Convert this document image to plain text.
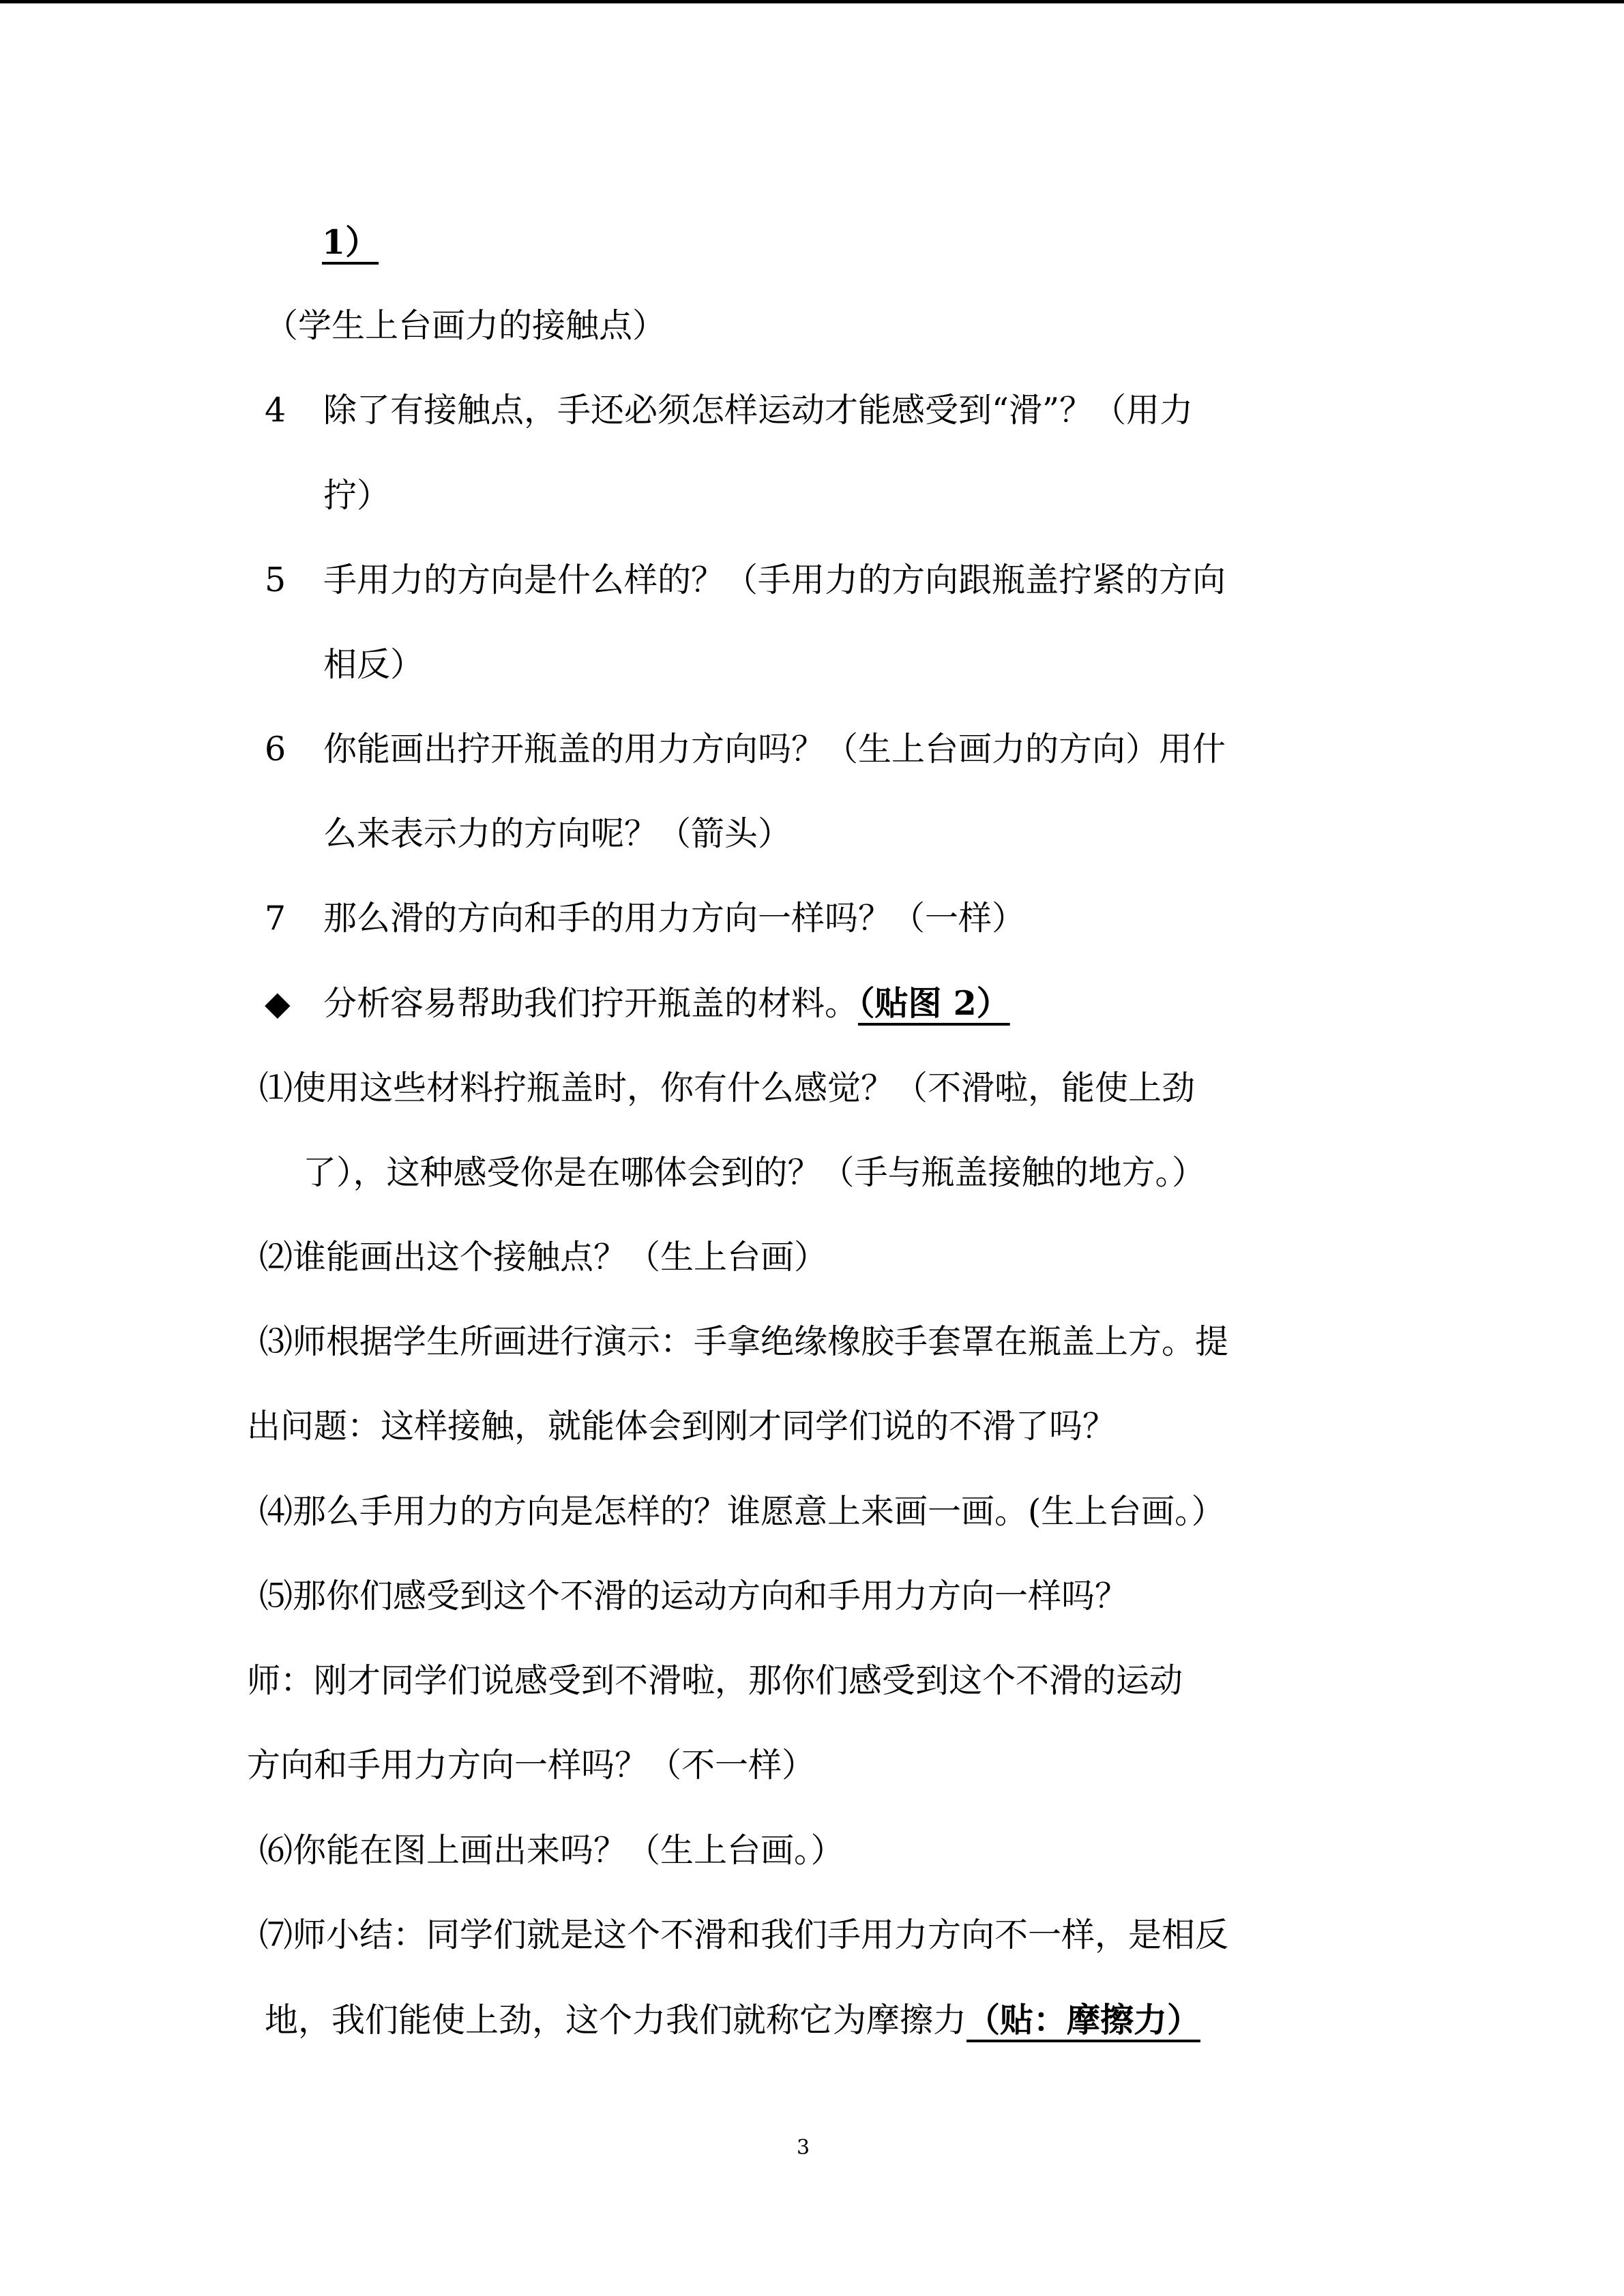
1）
（学生上台画力的接触点）
4 除了有接触点，手还必须怎样运动才能感受到“滑”？（用力
拧）
5 手用力的方向是什么样的？（手用力的方向跟瓶盖拧紧的方向
相反）
6 你能画出拧开瓶盖的用力方向吗？（生上台画力的方向）用什
么来表示力的方向呢？（箭头）
7 那么滑的方向和手的用力方向一样吗？（一样）
◆ 分析容易帮助我们拧开瓶盖的材料。（贴图 2）
⑴使用这些材料拧瓶盖时，你有什么感觉？（不滑啦，能使上劲
了），这种感受你是在哪体会到的？（手与瓶盖接触的地方。）
⑵谁能画出这个接触点？（生上台画）
⑶师根据学生所画进行演示：手拿绝缘橡胶手套罩在瓶盖上方。提
出问题：这样接触，就能体会到刚才同学们说的不滑了吗？
⑷那么手用力的方向是怎样的？谁愿意上来画一画。(生上台画。）
⑸那你们感受到这个不滑的运动方向和手用力方向一样吗？
师：刚才同学们说感受到不滑啦，那你们感受到这个不滑的运动
方向和手用力方向一样吗？（不一样）
⑹你能在图上画出来吗？（生上台画。）
⑺师小结：同学们就是这个不滑和我们手用力方向不一样，是相反
地，我们能使上劲，这个力我们就称它为摩擦力（贴：摩擦力）
3
